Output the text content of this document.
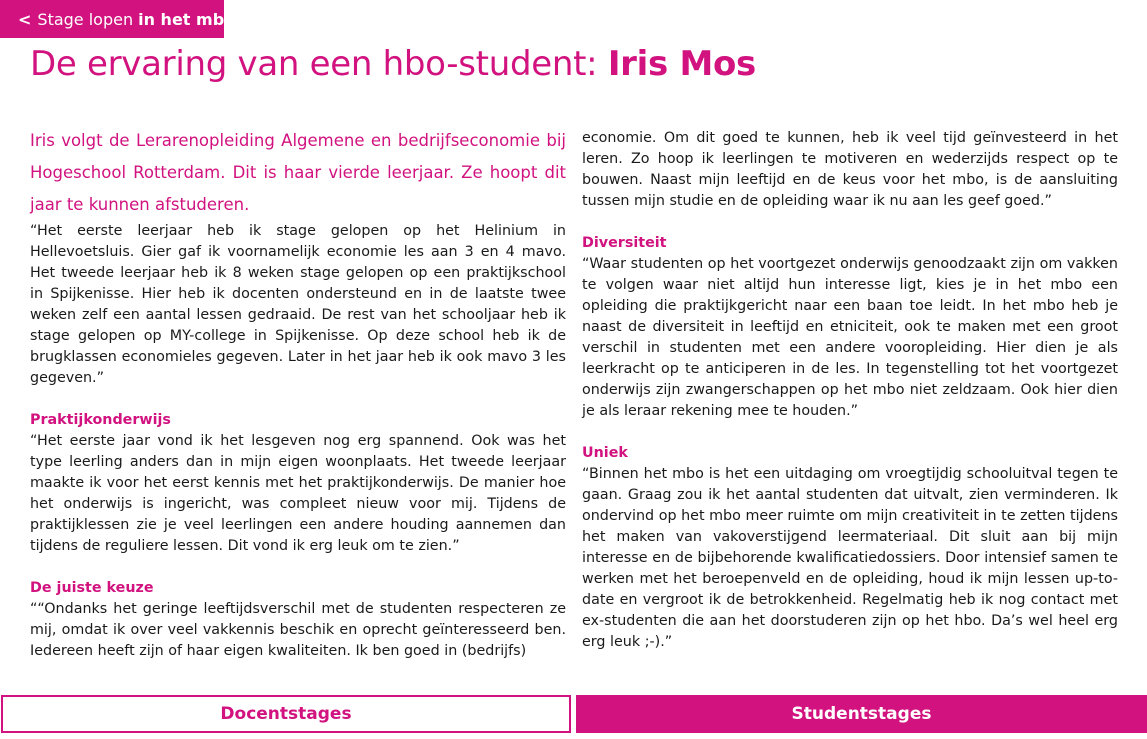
< Stage lopen in het mbo
De ervaring van een hbo-student: Iris Mos

Iris volgt de Lerarenopleiding Algemene en bedrijfseconomie bij Hogeschool Rotterdam. Dit is haar vierde leerjaar. Ze hoopt dit jaar te kunnen afstuderen.

“Het eerste leerjaar heb ik stage gelopen op het Helinium in Hellevoetsluis. Gier gaf ik voornamelijk economie les aan 3 en 4 mavo. Het tweede leerjaar heb ik 8 weken stage gelopen op een praktijkschool in Spijkenisse. Hier heb ik docenten ondersteund en in de laatste twee weken zelf een aantal lessen gedraaid. De rest van het schooljaar heb ik stage gelopen op MY-college in Spijkenisse. Op deze school heb ik de brugklassen economieles gegeven. Later in het jaar heb ik ook mavo 3 les gegeven.”

Praktijkonderwijs

“Het eerste jaar vond ik het lesgeven nog erg spannend. Ook was het type leerling anders dan in mijn eigen woonplaats. Het tweede leerjaar maakte ik voor het eerst kennis met het praktijkonderwijs. De manier hoe het onderwijs is ingericht, was compleet nieuw voor mij. Tijdens de praktijklessen zie je veel leerlingen een andere houding aannemen dan tijdens de reguliere lessen. Dit vond ik erg leuk om te zien.”

De juiste keuze

““Ondanks het geringe leeftijdsverschil met de studenten respecteren ze mij, omdat ik over veel vakkennis beschik en oprecht geïnteresseerd ben. Iedereen heeft zijn of haar eigen kwaliteiten. Ik ben goed in (bedrijfs)

economie. Om dit goed te kunnen, heb ik veel tijd geïnvesteerd in het leren. Zo hoop ik leerlingen te motiveren en wederzijds respect op te bouwen. Naast mijn leeftijd en de keus voor het mbo, is de aansluiting tussen mijn studie en de opleiding waar ik nu aan les geef goed.”

Diversiteit

“Waar studenten op het voortgezet onderwijs genoodzaakt zijn om vakken te volgen waar niet altijd hun interesse ligt, kies je in het mbo een opleiding die praktijkgericht naar een baan toe leidt. In het mbo heb je naast de diversiteit in leeftijd en etniciteit, ook te maken met een groot verschil in studenten met een andere vooropleiding. Hier dien je als leerkracht op te anticiperen in de les. In tegenstelling tot het voortgezet onderwijs zijn zwangerschappen op het mbo niet zeldzaam. Ook hier dien je als leraar rekening mee te houden.”

Uniek

“Binnen het mbo is het een uitdaging om vroegtijdig schooluitval tegen te gaan. Graag zou ik het aantal studenten dat uitvalt, zien verminderen. Ik ondervind op het mbo meer ruimte om mijn creativiteit in te zetten tijdens het maken van vakoverstijgend leermateriaal. Dit sluit aan bij mijn interesse en de bijbehorende kwalificatiedossiers. Door intensief samen te werken met het beroepenveld en de opleiding, houd ik mijn lessen up-to-date en vergroot ik de betrokkenheid. Regelmatig heb ik nog contact met ex-studenten die aan het doorstuderen zijn op het hbo. Da’s wel heel erg erg leuk ;-).”

Docentstages	Studentstages
